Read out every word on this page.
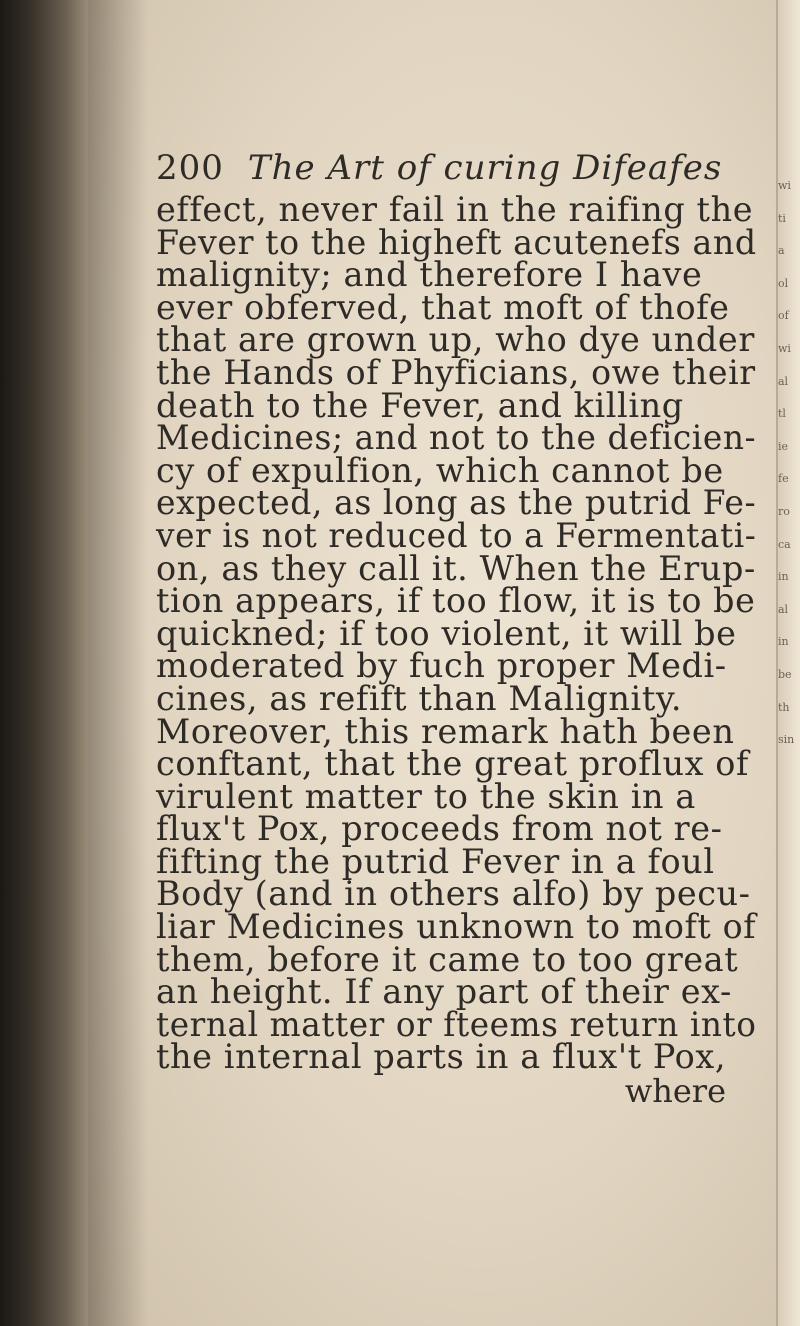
200 The Art of curing Difeafes
effect, never fail in the raifing the
Fever to the higheft acutenefs and
malignity; and therefore I have
ever obferved, that moft of thofe
that are grown up, who dye under
the Hands of Phyficians, owe their
death to the Fever, and killing
Medicines; and not to the deficien-
cy of expulfion, which cannot be
expected, as long as the putrid Fe-
ver is not reduced to a Fermentati-
on, as they call it. When the Erup-
tion appears, if too flow, it is to be
quickned; if too violent, it will be
moderated by fuch proper Medi-
cines, as refift than Malignity.
Moreover, this remark hath been
conftant, that the great proflux of
virulent matter to the skin in a
flux't Pox, proceeds from not re-
fifting the putrid Fever in a foul
Body (and in others alfo) by pecu-
liar Medicines unknown to moft of
them, before it came to too great
an height. If any part of their ex-
ternal matter or fteems return into
the internal parts in a flux't Pox,
where
wi
ti
a
ol
of
wi
al
tl
ie
fe
ro
ca
in
al
in
be
th
sin
